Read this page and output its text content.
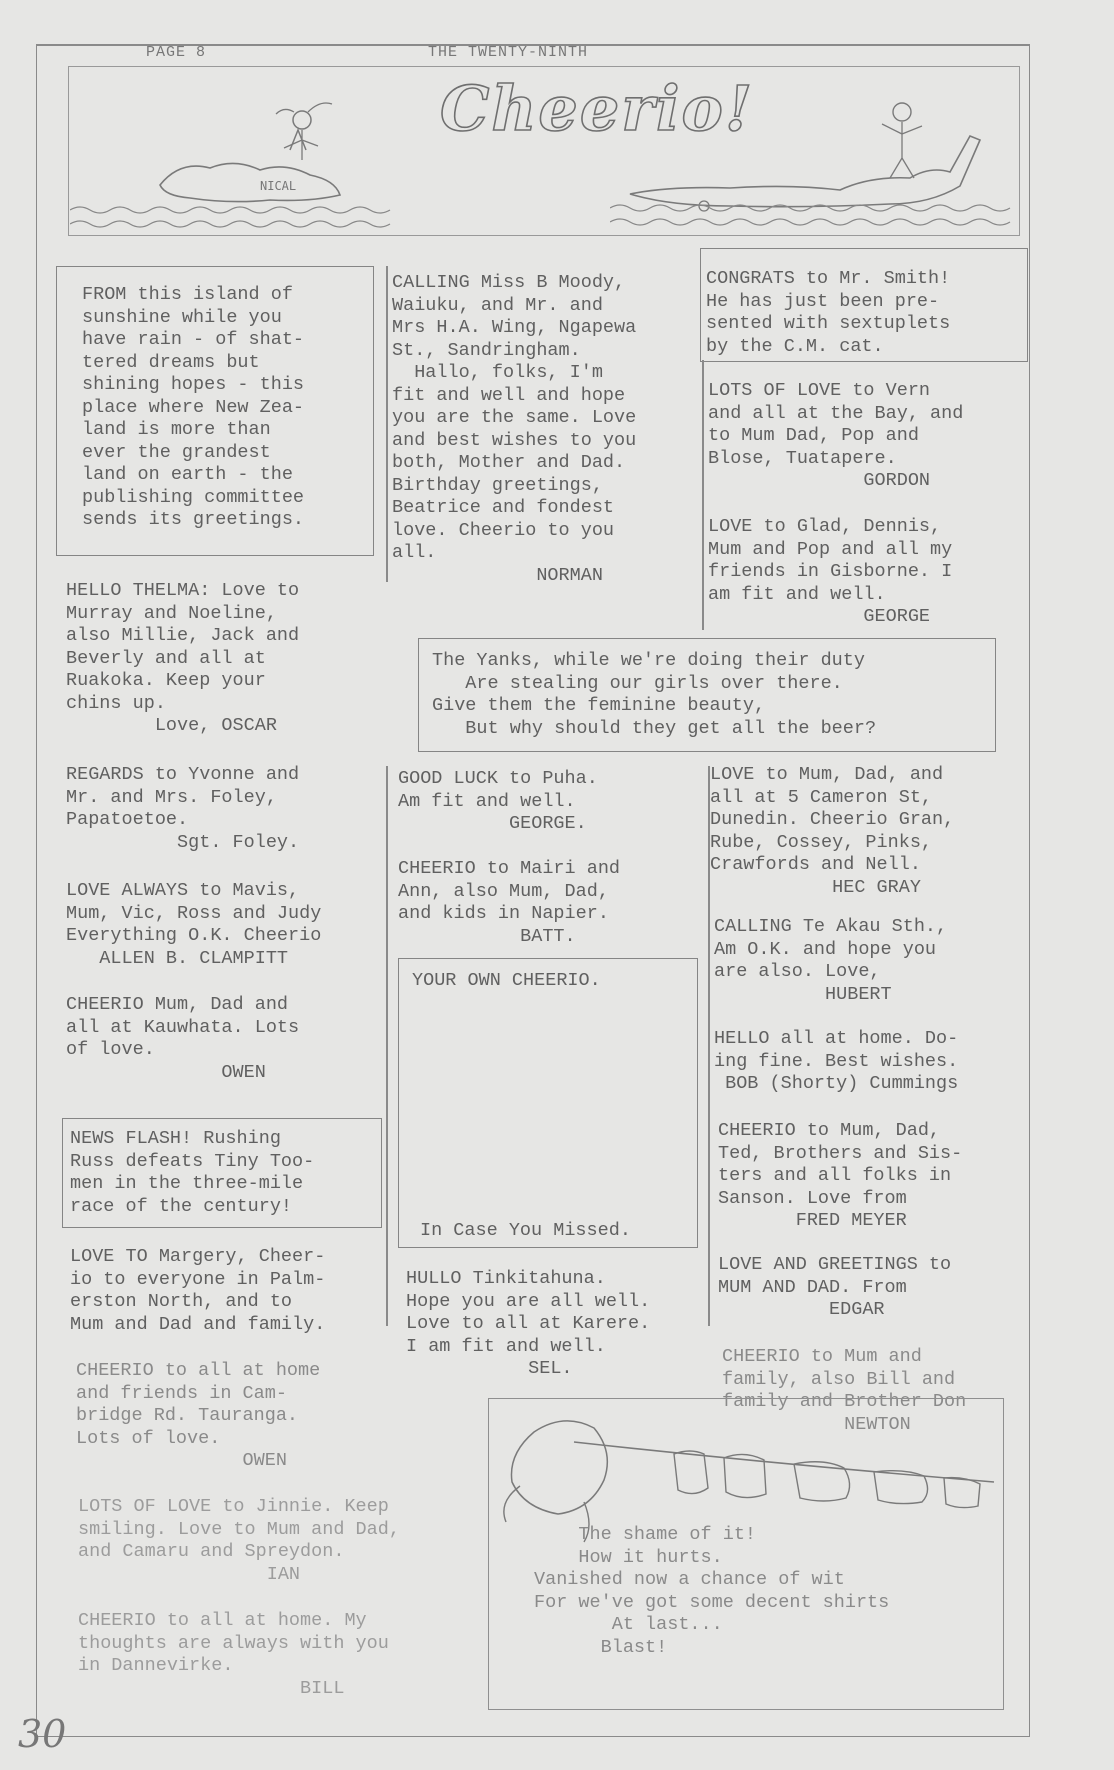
PAGE 8	THE TWENTY-NINTH
Cheerio!
NICAL
FROM this island of
sunshine while you
have rain - of shat-
tered dreams but
shining hopes - this
place where New Zea-
land is more than
ever the grandest
land on earth - the
publishing committee
sends its greetings.
HELLO THELMA: Love to
Murray and Noeline,
also Millie, Jack and
Beverly and all at
Ruakoka. Keep your
chins up.
Love, OSCAR
REGARDS to Yvonne and
Mr. and Mrs. Foley,
Papatoetoe.
Sgt. Foley.
LOVE ALWAYS to Mavis,
Mum, Vic, Ross and Judy
Everything O.K. Cheerio
ALLEN B. CLAMPITT
CHEERIO Mum, Dad and
all at Kauwhata. Lots
of love.
OWEN
NEWS FLASH! Rushing
Russ defeats Tiny Too-
men in the three-mile
race of the century!
LOVE TO Margery, Cheer-
io to everyone in Palm-
erston North, and to
Mum and Dad and family.
CHEERIO to all at home
and friends in Cam-
bridge Rd. Tauranga.
Lots of love.
OWEN
LOTS OF LOVE to Jinnie. Keep
smiling. Love to Mum and Dad,
and Camaru and Spreydon.
IAN
CHEERIO to all at home. My
thoughts are always with you
in Dannevirke.
BILL
CALLING Miss B Moody,
Waiuku, and Mr. and
Mrs H.A. Wing, Ngapewa
St., Sandringham.
Hallo, folks, I'm
fit and well and hope
you are the same. Love
and best wishes to you
both, Mother and Dad.
Birthday greetings,
Beatrice and fondest
love. Cheerio to you
all.
NORMAN
The Yanks, while we're doing their duty
Are stealing our girls over there.
Give them the feminine beauty,
But why should they get all the beer?
GOOD LUCK to Puha.
Am fit and well.
GEORGE.
CHEERIO to Mairi and
Ann, also Mum, Dad,
and kids in Napier.
BATT.
YOUR OWN CHEERIO.
In Case You Missed.
HULLO Tinkitahuna.
Hope you are all well.
Love to all at Karere.
I am fit and well.
SEL.
CONGRATS to Mr. Smith!
He has just been pre-
sented with sextuplets
by the C.M. cat.
LOTS OF LOVE to Vern
and all at the Bay, and
to Mum Dad, Pop and
Blose, Tuatapere.
GORDON
LOVE to Glad, Dennis,
Mum and Pop and all my
friends in Gisborne. I
am fit and well.
GEORGE
LOVE to Mum, Dad, and
all at 5 Cameron St,
Dunedin. Cheerio Gran,
Rube, Cossey, Pinks,
Crawfords and Nell.
HEC GRAY
CALLING Te Akau Sth.,
Am O.K. and hope you
are also. Love,
HUBERT
HELLO all at home. Do-
ing fine. Best wishes.
BOB (Shorty) Cummings
CHEERIO to Mum, Dad,
Ted, Brothers and Sis-
ters and all folks in
Sanson. Love from
FRED MEYER
LOVE AND GREETINGS to
MUM AND DAD. From
EDGAR
CHEERIO to Mum and
family, also Bill and
family and Brother Don
NEWTON
The shame of it!
How it hurts.
Vanished now a chance of wit
For we've got some decent shirts
At last...
Blast!
30
